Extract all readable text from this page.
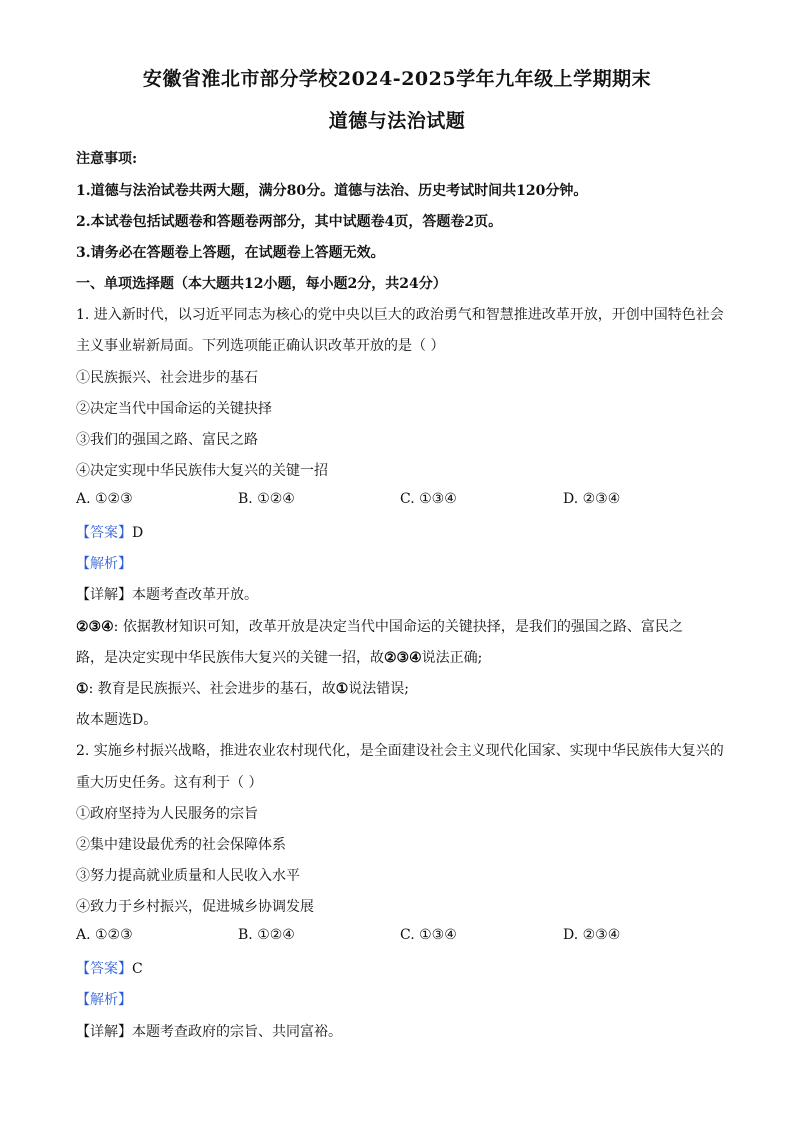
安徽省淮北市部分学校2024-2025学年九年级上学期期末
道德与法治试题
注意事项:
1.道德与法治试卷共两大题，满分80分。道德与法治、历史考试时间共120分钟。
2.本试卷包括试题卷和答题卷两部分，其中试题卷4页，答题卷2页。
3.请务必在答题卷上答题，在试题卷上答题无效。
一、单项选择题（本大题共12小题，每小题2分，共24分）
1. 进入新时代，以习近平同志为核心的党中央以巨大的政治勇气和智慧推进改革开放，开创中国特色社会
主义事业崭新局面。下列选项能正确认识改革开放的是（ ）
①民族振兴、社会进步的基石
②决定当代中国命运的关键抉择
③我们的强国之路、富民之路
④决定实现中华民族伟大复兴的关键一招
A. ①②③	B. ①②④	C. ①③④	D. ②③④
【答案】D
【解析】
【详解】本题考查改革开放。
②③④: 依据教材知识可知，改革开放是决定当代中国命运的关键抉择，是我们的强国之路、富民之
路，是决定实现中华民族伟大复兴的关键一招，故②③④说法正确;
①: 教育是民族振兴、社会进步的基石，故①说法错误;
故本题选D。
2. 实施乡村振兴战略，推进农业农村现代化，是全面建设社会主义现代化国家、实现中华民族伟大复兴的
重大历史任务。这有利于（ ）
①政府坚持为人民服务的宗旨
②集中建设最优秀的社会保障体系
③努力提高就业质量和人民收入水平
④致力于乡村振兴，促进城乡协调发展
A. ①②③	B. ①②④	C. ①③④	D. ②③④
【答案】C
【解析】
【详解】本题考查政府的宗旨、共同富裕。
